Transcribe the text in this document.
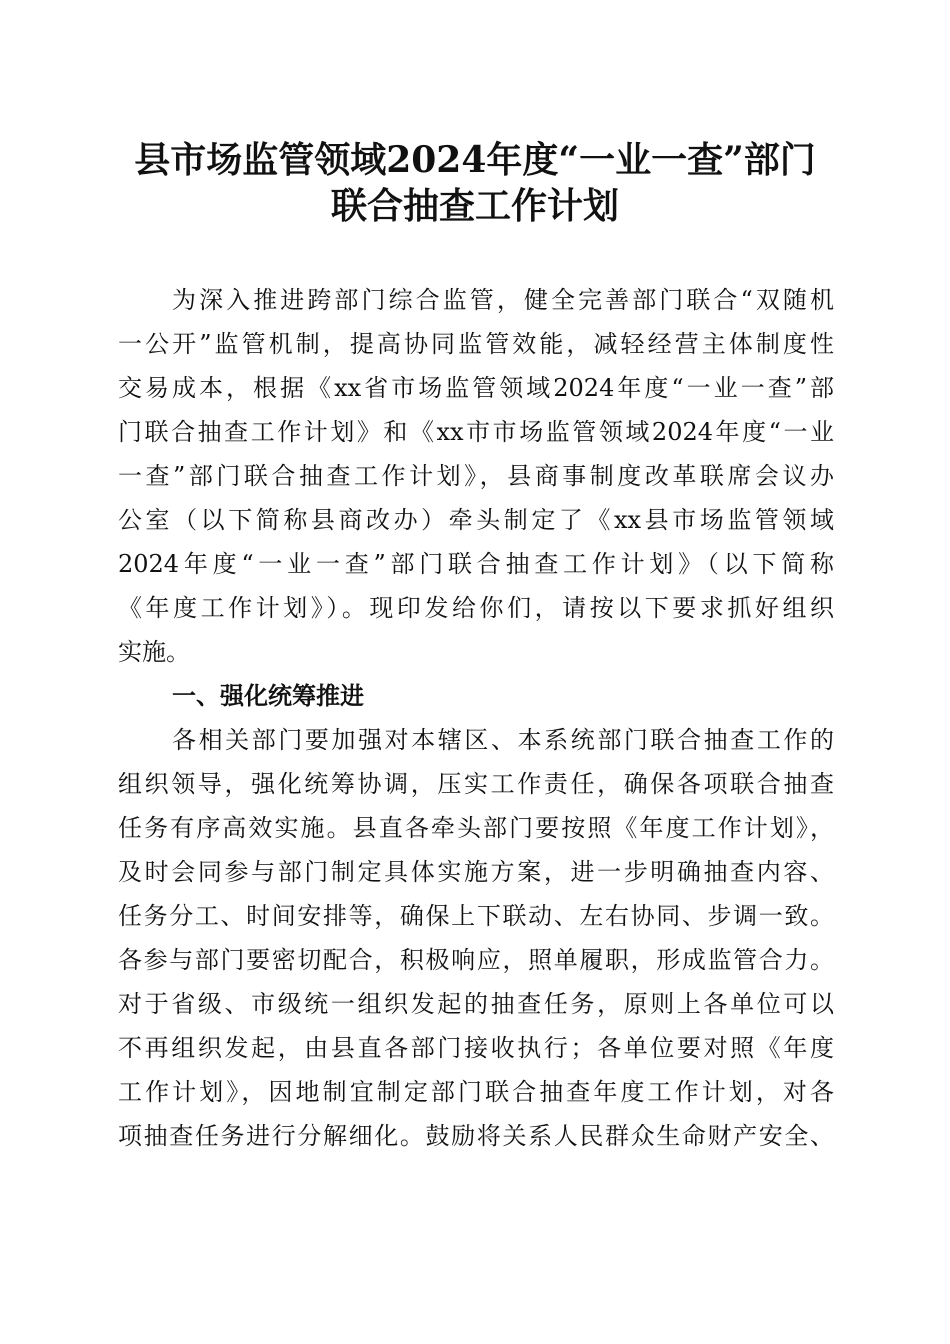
县市场监管领域2024年度“一业一查”部门
联合抽查工作计划
为深入推进跨部门综合监管，健全完善部门联合“双随机
一公开”监管机制，提高协同监管效能，减轻经营主体制度性
交易成本，根据《xx省市场监管领域2024年度“一业一查”部
门联合抽查工作计划》和《xx市市场监管领域2024年度“一业
一查”部门联合抽查工作计划》，县商事制度改革联席会议办
公室（以下简称县商改办）牵头制定了《xx县市场监管领域
2024年度“一业一查”部门联合抽查工作计划》（以下简称
《年度工作计划》）。现印发给你们，请按以下要求抓好组织
实施。
一、强化统筹推进
各相关部门要加强对本辖区、本系统部门联合抽查工作的
组织领导，强化统筹协调，压实工作责任，确保各项联合抽查
任务有序高效实施。县直各牵头部门要按照《年度工作计划》，
及时会同参与部门制定具体实施方案，进一步明确抽查内容、
任务分工、时间安排等，确保上下联动、左右协同、步调一致。
各参与部门要密切配合，积极响应，照单履职，形成监管合力。
对于省级、市级统一组织发起的抽查任务，原则上各单位可以
不再组织发起，由县直各部门接收执行；各单位要对照《年度
工作计划》，因地制宜制定部门联合抽查年度工作计划，对各
项抽查任务进行分解细化。鼓励将关系人民群众生命财产安全、
